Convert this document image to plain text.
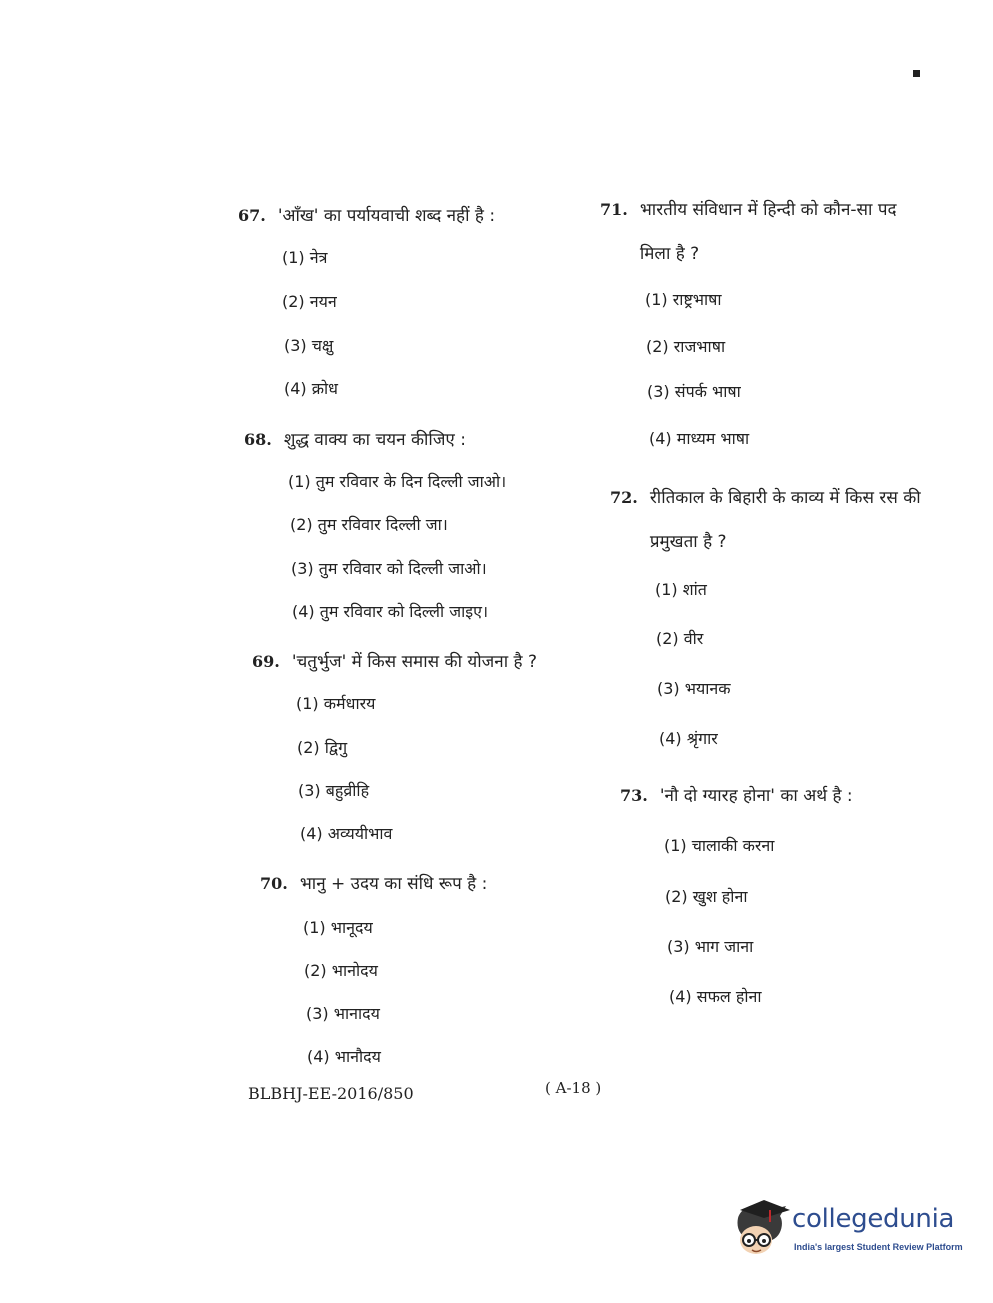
67. 'आँख' का पर्यायवाची शब्द नहीं है :
(1) नेत्र
(2) नयन
(3) चक्षु
(4) क्रोध
68. शुद्ध वाक्य का चयन कीजिए :
(1) तुम रविवार के दिन दिल्ली जाओ।
(2) तुम रविवार दिल्ली जा।
(3) तुम रविवार को दिल्ली जाओ।
(4) तुम रविवार को दिल्ली जाइए।
69. 'चतुर्भुज' में किस समास की योजना है ?
(1) कर्मधारय
(2) द्विगु
(3) बहुव्रीहि
(4) अव्ययीभाव
70. भानु + उदय का संधि रूप है :
(1) भानूदय
(2) भानोदय
(3) भानादय
(4) भानौदय
71. भारतीय संविधान में हिन्दी को कौन-सा पद मिला है ?
(1) राष्ट्रभाषा
(2) राजभाषा
(3) संपर्क भाषा
(4) माध्यम भाषा
72. रीतिकाल के बिहारी के काव्य में किस रस की प्रमुखता है ?
(1) शांत
(2) वीर
(3) भयानक
(4) श्रृंगार
73. 'नौ दो ग्यारह होना' का अर्थ है :
(1) चालाकी करना
(2) खुश होना
(3) भाग जाना
(4) सफल होना
BLBHJ-EE-2016/850	( A-18 )
collegedunia
India's largest Student Review Platform
